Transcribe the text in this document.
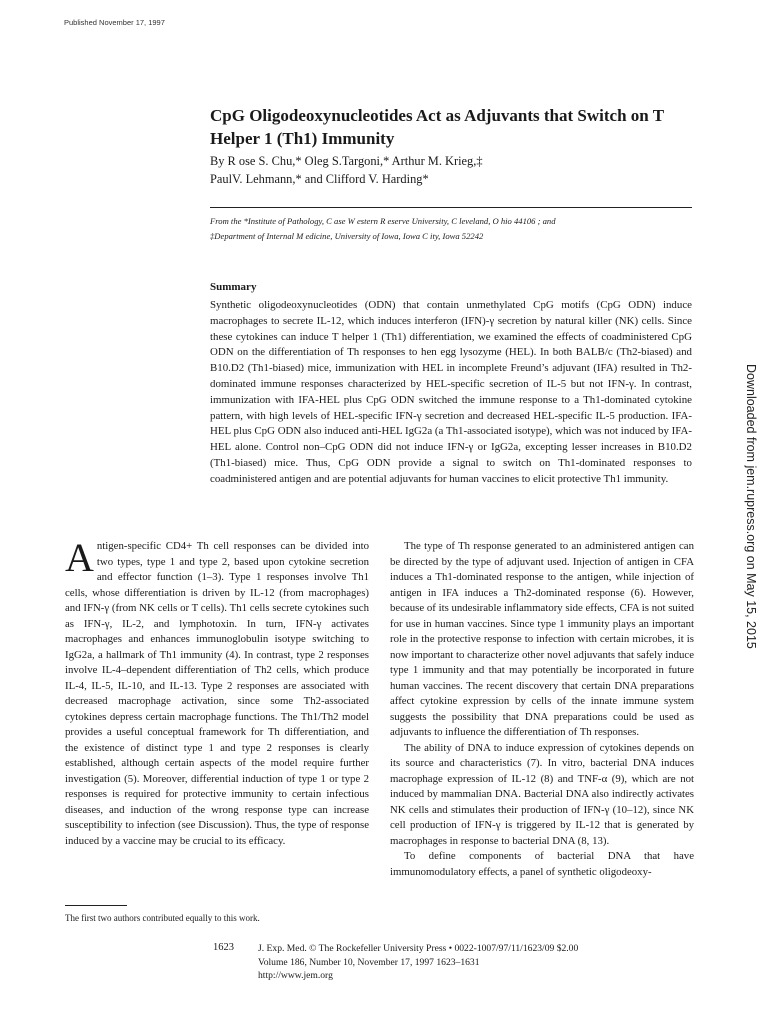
Published November 17, 1997
CpG Oligodeoxynucleotides Act as Adjuvants that Switch on T Helper 1 (Th1) Immunity
By R ose S. Chu,* Oleg S.Targoni,* Arthur M. Krieg,‡
PaulV. Lehmann,* and Clifford V. Harding*
From the *Institute of Pathology, C ase W estern R eserve University, C leveland, O hio 44106 ; and
‡Department of Internal M edicine, University of Iowa, Iowa C ity, Iowa 52242
Summary
Synthetic oligodeoxynucleotides (ODN) that contain unmethylated CpG motifs (CpG ODN) induce macrophages to secrete IL-12, which induces interferon (IFN)-γ secretion by natural killer (NK) cells. Since these cytokines can induce T helper 1 (Th1) differentiation, we examined the effects of coadministered CpG ODN on the differentiation of Th responses to hen egg lysozyme (HEL). In both BALB/c (Th2-biased) and B10.D2 (Th1-biased) mice, immunization with HEL in incomplete Freund’s adjuvant (IFA) resulted in Th2-dominated immune responses characterized by HEL-specific secretion of IL-5 but not IFN-γ. In contrast, immunization with IFA-HEL plus CpG ODN switched the immune response to a Th1-dominated cytokine pattern, with high levels of HEL-specific IFN-γ secretion and decreased HEL-specific IL-5 production. IFA-HEL plus CpG ODN also induced anti-HEL IgG2a (a Th1-associated isotype), which was not induced by IFA-HEL alone. Control non–CpG ODN did not induce IFN-γ or IgG2a, excepting lesser increases in B10.D2 (Th1-biased) mice. Thus, CpG ODN provide a signal to switch on Th1-dominated responses to coadministered antigen and are potential adjuvants for human vaccines to elicit protective Th1 immunity.
Antigen-specific CD4+ Th cell responses can be divided into two types, type 1 and type 2, based upon cytokine secretion and effector function (1–3). Type 1 responses involve Th1 cells, whose differentiation is driven by IL-12 (from macrophages) and IFN-γ (from NK cells or T cells). Th1 cells secrete cytokines such as IFN-γ, IL-2, and lymphotoxin. In turn, IFN-γ activates macrophages and enhances immunoglobulin isotype switching to IgG2a, a hallmark of Th1 immunity (4). In contrast, type 2 responses involve IL-4–dependent differentiation of Th2 cells, which produce IL-4, IL-5, IL-10, and IL-13. Type 2 responses are associated with decreased macrophage activation, since some Th2-associated cytokines depress certain macrophage functions. The Th1/Th2 model provides a useful conceptual framework for Th differentiation, and the existence of distinct type 1 and type 2 responses is clearly established, although certain aspects of the model require further investigation (5). Moreover, differential induction of type 1 or type 2 responses is required for protective immunity to certain infectious diseases, and induction of the wrong response type can increase susceptibility to infection (see Discussion). Thus, the type of response induced by a vaccine may be crucial to its efficacy.

The type of Th response generated to an administered antigen can be directed by the type of adjuvant used. Injection of antigen in CFA induces a Th1-dominated response to the antigen, while injection of antigen in IFA induces a Th2-dominated response (6). However, because of its undesirable inflammatory side effects, CFA is not suited for use in human vaccines. Since type 1 immunity plays an important role in the protective response to infection with certain microbes, it is now important to characterize other novel adjuvants that safely induce type 1 immunity and that may potentially be incorporated in future human vaccines. The recent discovery that certain DNA preparations affect cytokine expression by cells of the innate immune system suggests the possibility that DNA preparations could be used as adjuvants to influence the differentiation of Th responses.

The ability of DNA to induce expression of cytokines depends on its source and characteristics (7). In vitro, bacterial DNA induces macrophage expression of IL-12 (8) and TNF-α (9), which are not induced by mammalian DNA. Bacterial DNA also indirectly activates NK cells and stimulates their production of IFN-γ (10–12), since NK cell production of IFN-γ is triggered by IL-12 that is generated by macrophages in response to bacterial DNA (8, 13).

To define components of bacterial DNA that have immunomodulatory effects, a panel of synthetic oligodeoxy-

The first two authors contributed equally to this work.
1623	J. Exp. Med. © The Rockefeller University Press • 0022-1007/97/11/1623/09 $2.00
Volume 186, Number 10, November 17, 1997 1623–1631
http://www.jem.org
Downloaded from jem.rupress.org on May 15, 2015
